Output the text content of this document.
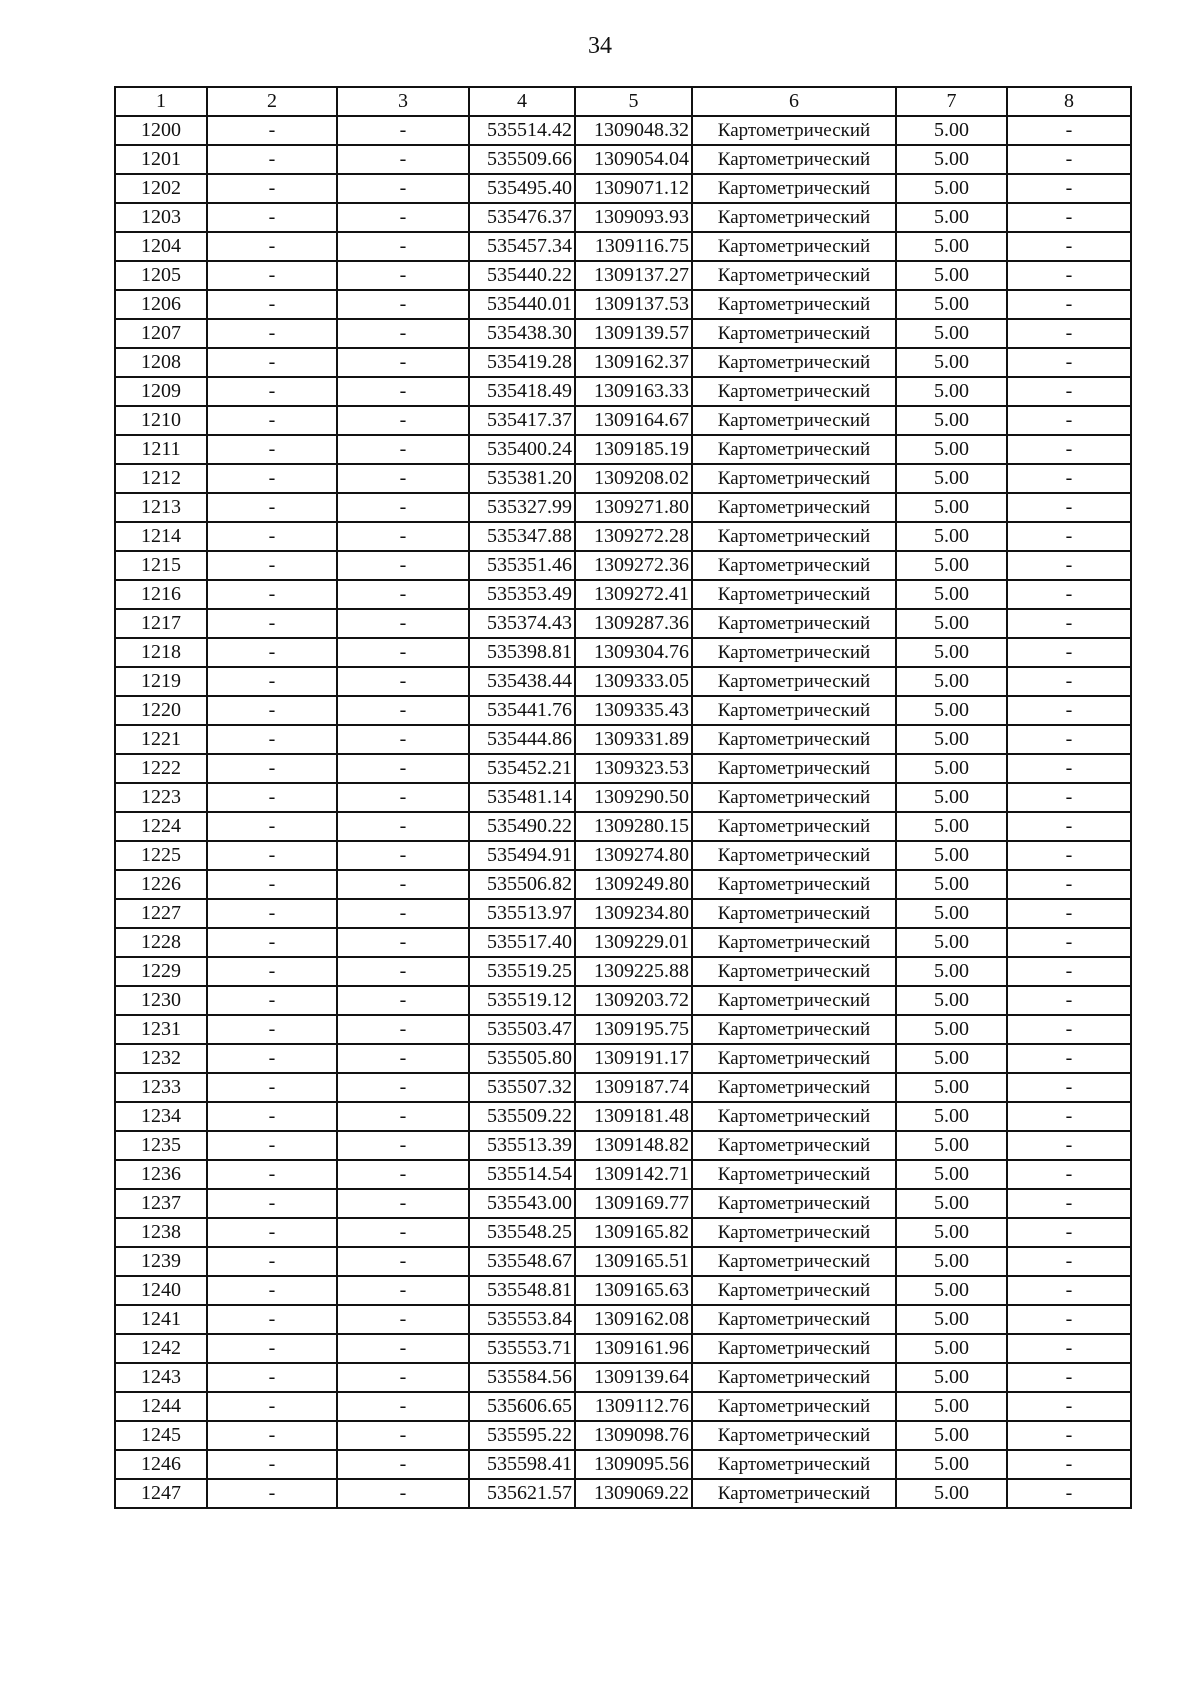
34
1	2	3	4	5	6	7	8
1200	-	-	535514.42	1309048.32	Картометрический	5.00	-
1201	-	-	535509.66	1309054.04	Картометрический	5.00	-
1202	-	-	535495.40	1309071.12	Картометрический	5.00	-
1203	-	-	535476.37	1309093.93	Картометрический	5.00	-
1204	-	-	535457.34	1309116.75	Картометрический	5.00	-
1205	-	-	535440.22	1309137.27	Картометрический	5.00	-
1206	-	-	535440.01	1309137.53	Картометрический	5.00	-
1207	-	-	535438.30	1309139.57	Картометрический	5.00	-
1208	-	-	535419.28	1309162.37	Картометрический	5.00	-
1209	-	-	535418.49	1309163.33	Картометрический	5.00	-
1210	-	-	535417.37	1309164.67	Картометрический	5.00	-
1211	-	-	535400.24	1309185.19	Картометрический	5.00	-
1212	-	-	535381.20	1309208.02	Картометрический	5.00	-
1213	-	-	535327.99	1309271.80	Картометрический	5.00	-
1214	-	-	535347.88	1309272.28	Картометрический	5.00	-
1215	-	-	535351.46	1309272.36	Картометрический	5.00	-
1216	-	-	535353.49	1309272.41	Картометрический	5.00	-
1217	-	-	535374.43	1309287.36	Картометрический	5.00	-
1218	-	-	535398.81	1309304.76	Картометрический	5.00	-
1219	-	-	535438.44	1309333.05	Картометрический	5.00	-
1220	-	-	535441.76	1309335.43	Картометрический	5.00	-
1221	-	-	535444.86	1309331.89	Картометрический	5.00	-
1222	-	-	535452.21	1309323.53	Картометрический	5.00	-
1223	-	-	535481.14	1309290.50	Картометрический	5.00	-
1224	-	-	535490.22	1309280.15	Картометрический	5.00	-
1225	-	-	535494.91	1309274.80	Картометрический	5.00	-
1226	-	-	535506.82	1309249.80	Картометрический	5.00	-
1227	-	-	535513.97	1309234.80	Картометрический	5.00	-
1228	-	-	535517.40	1309229.01	Картометрический	5.00	-
1229	-	-	535519.25	1309225.88	Картометрический	5.00	-
1230	-	-	535519.12	1309203.72	Картометрический	5.00	-
1231	-	-	535503.47	1309195.75	Картометрический	5.00	-
1232	-	-	535505.80	1309191.17	Картометрический	5.00	-
1233	-	-	535507.32	1309187.74	Картометрический	5.00	-
1234	-	-	535509.22	1309181.48	Картометрический	5.00	-
1235	-	-	535513.39	1309148.82	Картометрический	5.00	-
1236	-	-	535514.54	1309142.71	Картометрический	5.00	-
1237	-	-	535543.00	1309169.77	Картометрический	5.00	-
1238	-	-	535548.25	1309165.82	Картометрический	5.00	-
1239	-	-	535548.67	1309165.51	Картометрический	5.00	-
1240	-	-	535548.81	1309165.63	Картометрический	5.00	-
1241	-	-	535553.84	1309162.08	Картометрический	5.00	-
1242	-	-	535553.71	1309161.96	Картометрический	5.00	-
1243	-	-	535584.56	1309139.64	Картометрический	5.00	-
1244	-	-	535606.65	1309112.76	Картометрический	5.00	-
1245	-	-	535595.22	1309098.76	Картометрический	5.00	-
1246	-	-	535598.41	1309095.56	Картометрический	5.00	-
1247	-	-	535621.57	1309069.22	Картометрический	5.00	-
